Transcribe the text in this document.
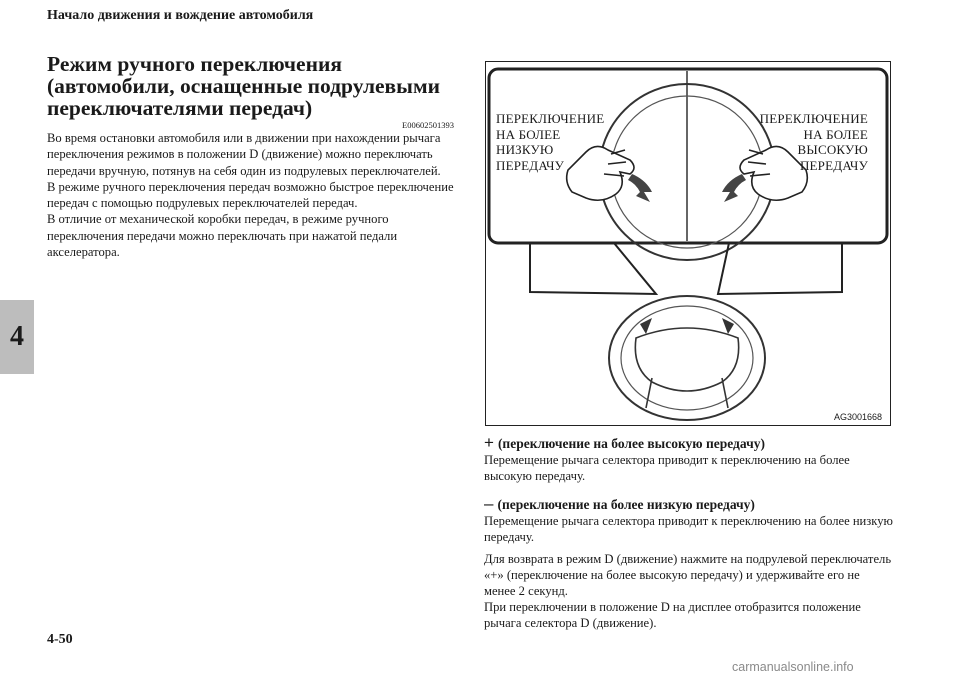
Начало движения и вождение автомобиля
4
Режим ручного переключения (автомобили, оснащенные подрулевыми переключателями передач)
E00602501393

Во время остановки автомобиля или в движении при нахождении рычага переключения режимов в положении D (движение) можно переключать передачи вручную, потянув на себя один из подрулевых переключателей.

В режиме ручного переключения передач возможно быстрое переключение передач с помощью подрулевых переключателей передач.

В отличие от механической коробки передач, в режиме ручного переключения передачи можно переключать при нажатой педали акселератора.

ПЕРЕКЛЮЧЕНИЕ
НА БОЛЕЕ
НИЗКУЮ
ПЕРЕДАЧУ
ПЕРЕКЛЮЧЕНИЕ
НА БОЛЕЕ
ВЫСОКУЮ
ПЕРЕДАЧУ
AG3001668
+ (переключение на более высокую передачу)

Перемещение рычага селектора приводит к переключению на более высокую передачу.

– (переключение на более низкую передачу)

Перемещение рычага селектора приводит к переключению на более низкую передачу.

Для возврата в режим D (движение) нажмите на подрулевой переключатель «+» (переключение на более высокую передачу) и удерживайте его не менее 2 секунд.

При переключении в положение D на дисплее отобразится положение рычага селектора D (движение).

4-50
carmanualsonline.info
